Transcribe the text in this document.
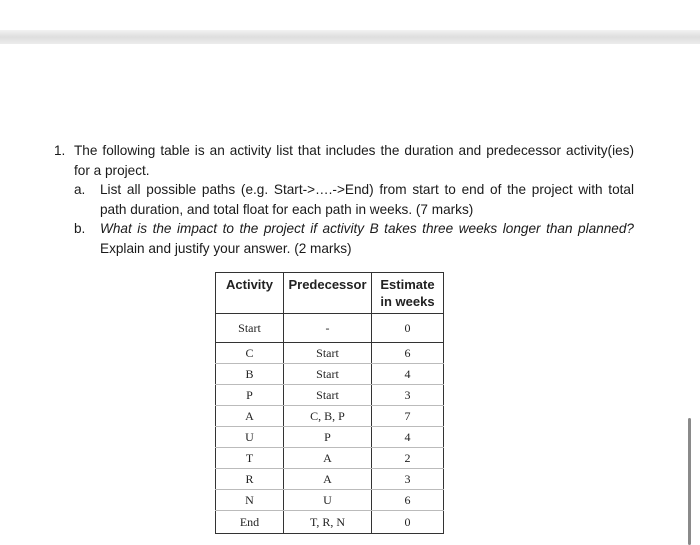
1. The following table is an activity list that includes the duration and predecessor activity(ies) for a project.
a.	List all possible paths (e.g. Start->….->End) from start to end of the project with total path duration, and total float for each path in weeks. (7 marks)
b.	What is the impact to the project if activity B takes three weeks longer than planned? Explain and justify your answer. (2 marks)
Activity	Predecessor	Estimate in weeks
Start	-	0
C	Start	6
B	Start	4
P	Start	3
A	C, B, P	7
U	P	4
T	A	2
R	A	3
N	U	6
End	T, R, N	0
